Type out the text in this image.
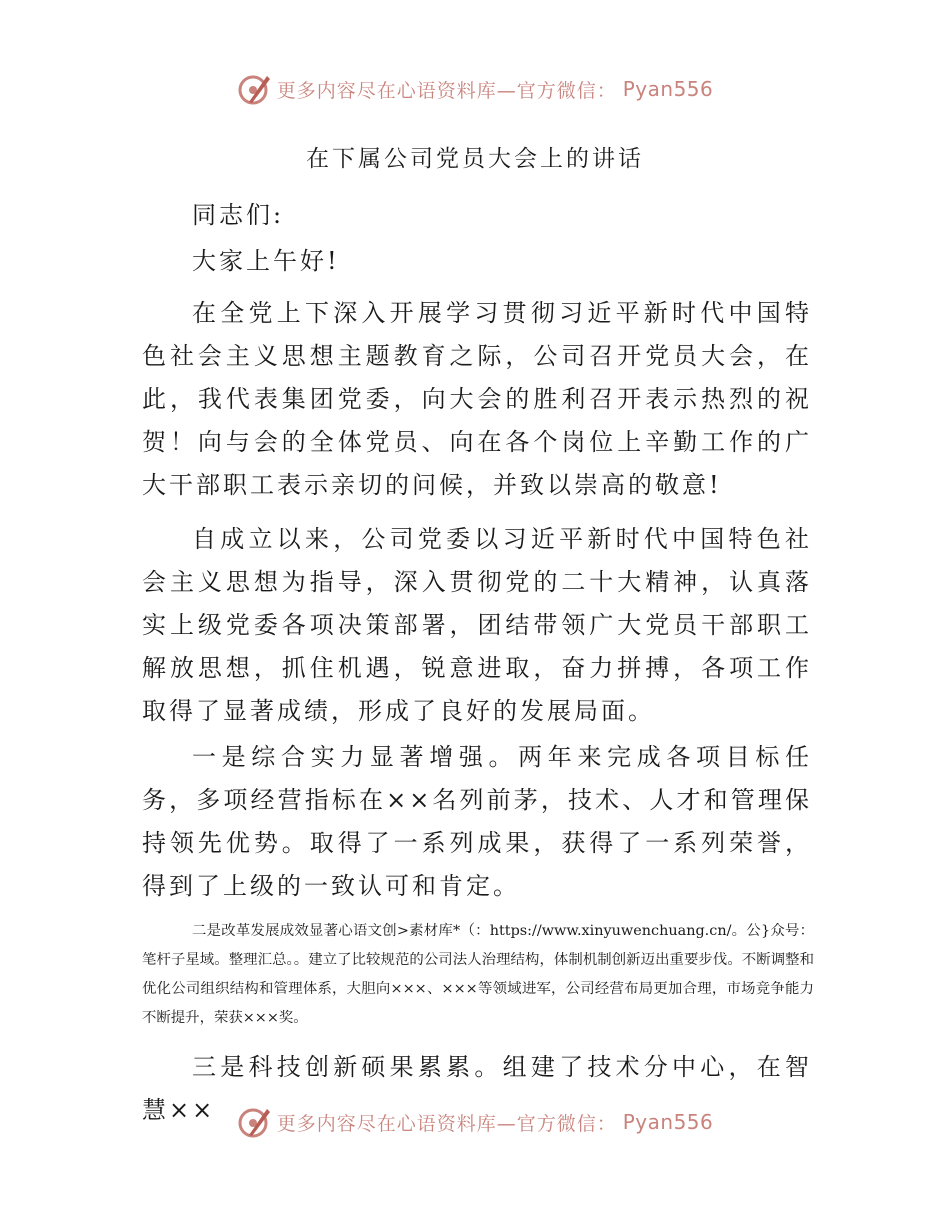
更多内容尽在心语资料库—官方微信： Pyan556
在下属公司党员大会上的讲话

同志们:

大家上午好!

在全党上下深入开展学习贯彻习近平新时代中国特色社会主义思想主题教育之际，公司召开党员大会，在此，我代表集团党委，向大会的胜利召开表示热烈的祝贺！向与会的全体党员、向在各个岗位上辛勤工作的广大干部职工表示亲切的问候，并致以崇高的敬意!

自成立以来，公司党委以习近平新时代中国特色社会主义思想为指导，深入贯彻党的二十大精神，认真落实上级党委各项决策部署，团结带领广大党员干部职工解放思想，抓住机遇，锐意进取，奋力拼搏，各项工作取得了显著成绩，形成了良好的发展局面。

一是综合实力显著增强。两年来完成各项目标任务，多项经营指标在××名列前茅，技术、人才和管理保持领先优势。取得了一系列成果，获得了一系列荣誉，得到了上级的一致认可和肯定。

二是改革发展成效显著心语文创>素材库*（：https://www.xinyuwenchuang.cn/。公}众号：笔杆子星域。整理汇总。。建立了比较规范的公司法人治理结构，体制机制创新迈出重要步伐。不断调整和优化公司组织结构和管理体系，大胆向×××、×××等领域进军，公司经营布局更加合理，市场竞争能力不断提升，荣获×××奖。

三是科技创新硕果累累。组建了技术分中心，在智慧××	更多内容尽在心语资料库—官方微信： Pyan556
